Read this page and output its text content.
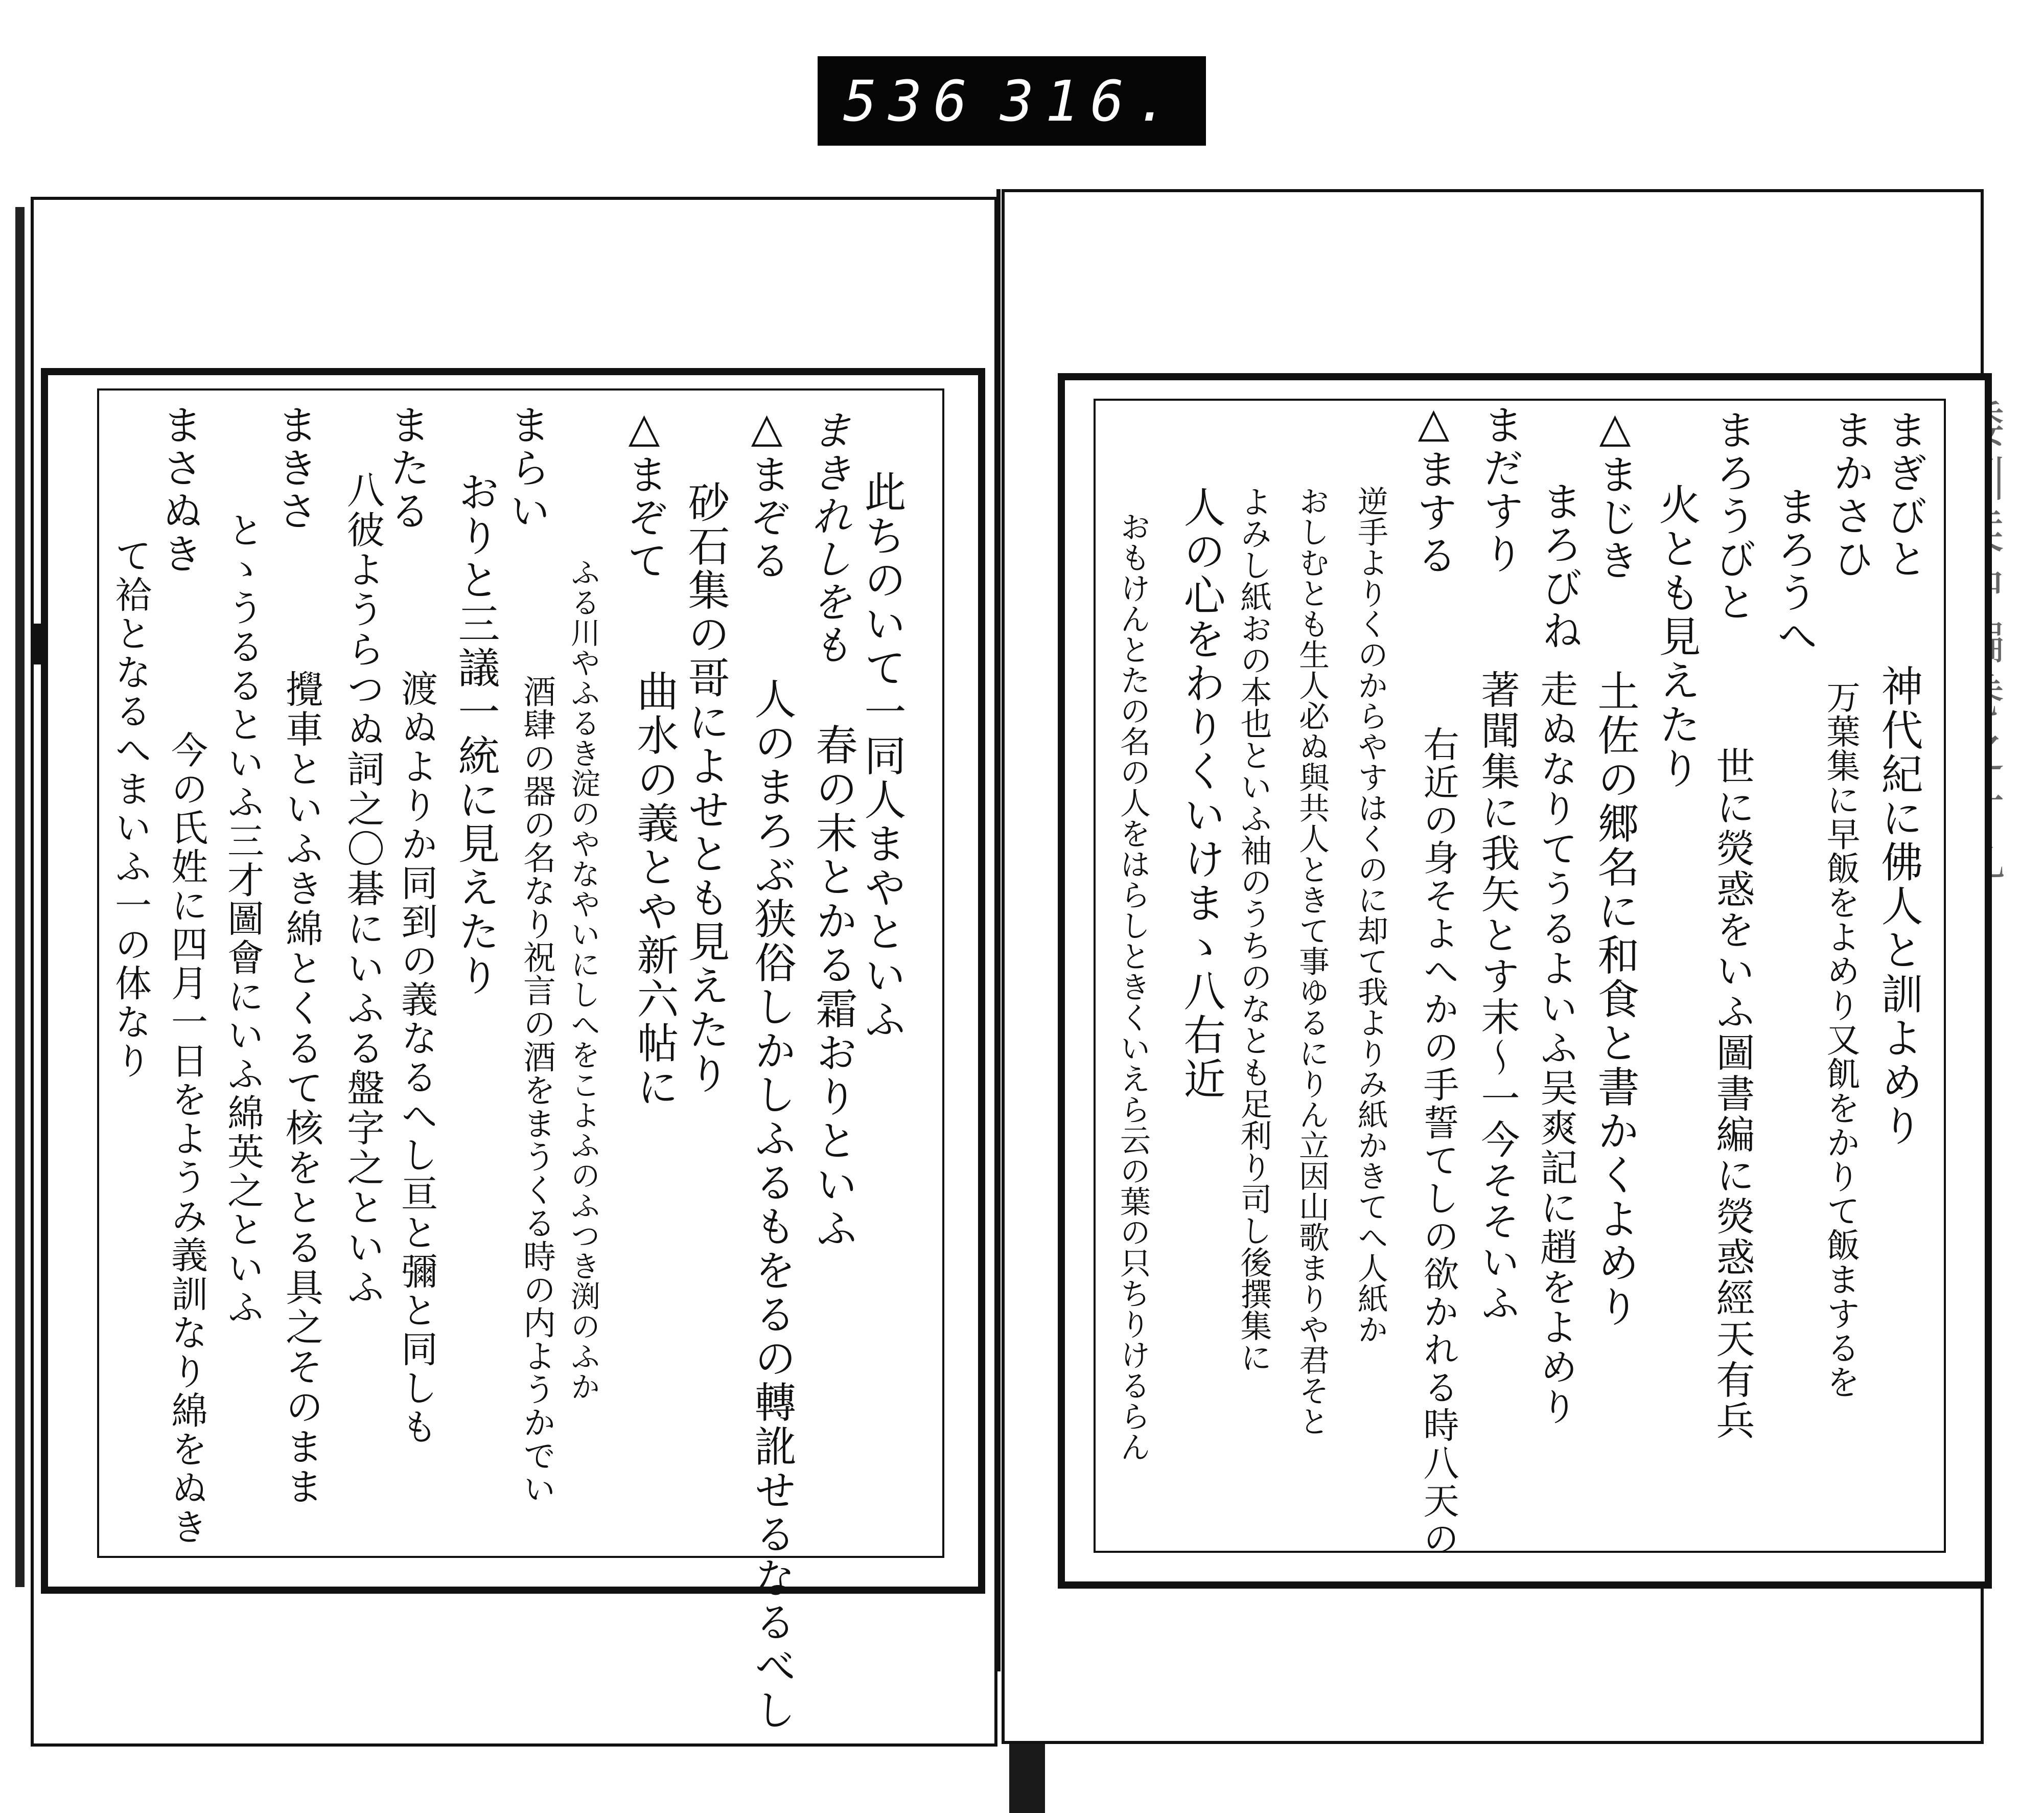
536 316.
此ちのいて一同人まやといふ
まきれしをも
春の末とかる霜おりといふ
人のまろぶ狭俗しかしふるもをるの轉訛せるなるべし
△まぞる
砂石集の哥によせとも見えたり
曲水の義とや新六帖に
△まぞて
ふる川やふるき淀のやなやいにしへをこよふのふつき渕のふか
酒肆の器の名なり祝言の酒をまうくる時の内ようかでい
まらい
おりと三議一統に見えたり
渡ぬよりか同到の義なるへし亘と彌と同しも
またる
八彼ようらつぬ詞之〇碁にいふる盤字之といふ
攪車といふき綿とくるて核をとる具之そのまま
まきさ
とゝうるるといふ三才圖會にいふ綿英之といふ
今の氏姓に四月一日をようみ義訓なり綿をぬき
まさぬき
て袷となるへまいふ一の体なり
まぎびと
まかさひ
神代紀に佛人と訓よめり
万葉集に早飯をよめり又飢をかりて飯まするを
まろうへ
まろうびと
世に熒惑をいふ圖書編に熒惑經天有兵
火とも見えたり
△まじき
土佐の郷名に和食と書かくよめり
まろびね
走ぬなりてうるよいふ吴爽記に趙をよめり
まだすり
著聞集に我矢とす末〜一今そそいふ
右近の身そよへかの手誓てしの欲かれる時八天の
△まする
逆手よりくのからやすはくのに却て我よりみ紙かきてへ人紙か
おしむとも生人必ぬ與共人ときて事ゆるにりん立因山歌まりや君そと
よみし紙おの本也といふ袖のうちのなとも足利り司し後撰集に
人の心をわりくいけまゝ八右近
おもけんとたの名の人をはらしときくいえら云の葉の只ちりけるらん
